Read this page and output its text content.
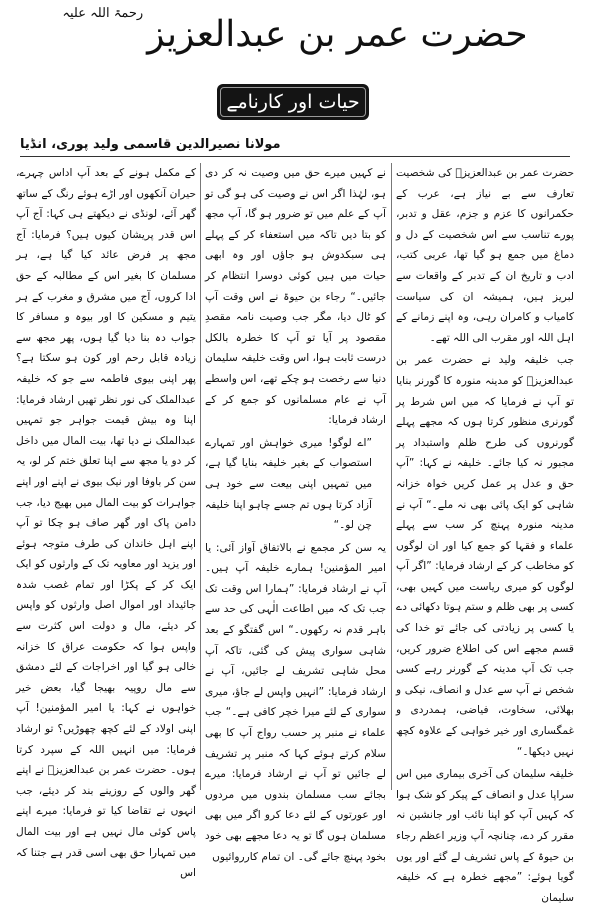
حضرت عمر بن عبدالعزیز$^{رحمۃ اللہ علیہ}$
حیات اور کارنامے
مولانا نصیرالدین قاسمی ولید پوری، انڈیا

حضرت عمر بن عبدالعزیزؒ کی شخصیت تعارف سے بے نیاز ہے، عرب کے حکمرانوں کا عزم و جزم، عقل و تدبر، پورے تناسب سے اس شخصیت کے دل و دماغ میں جمع ہو گیا تھا، عربی کتب، ادب و تاریخ ان کے تدبر کے واقعات سے لبریز ہیں، ہمیشہ ان کی سیاست کامیاب و کامران رہی، وہ اپنے زمانے کے اہل اللہ اور مقرب الی اللہ تھے۔

جب خلیفہ ولید نے حضرت عمر بن عبدالعزیزؒ کو مدینہ منورہ کا گورنر بنایا تو آپ نے فرمایا کہ میں اس شرط پر گورنری منظور کرتا ہوں کہ مجھے پہلے گورنروں کی طرح ظلم واستبداد پر مجبور نہ کیا جائے۔ خلیفہ نے کہا: ”آپ حق و عدل پر عمل کریں خواہ خزانہ شاہی کو ایک پائی بھی نہ ملے۔“ آپ نے مدینہ منورہ پہنچ کر سب سے پہلے علماء و فقہا کو جمع کیا اور ان لوگوں کو مخاطب کر کے ارشاد فرمایا: ”اگر آپ لوگوں کو میری ریاست میں کہیں بھی، کسی پر بھی ظلم و ستم ہوتا دکھائی دے یا کسی پر زیادتی کی جائے تو خدا کی قسم مجھے اس کی اطلاع ضرور کریں، جب تک آپ مدینہ کے گورنر رہے کسی شخص نے آپ سے عدل و انصاف، نیکی و بھلائی، سخاوت، فیاضی، ہمدردی و غمگساری اور خیر خواہی کے علاوہ کچھ نہیں دیکھا۔“

خلیفہ سلیمان کی آخری بیماری میں اس سراپا عدل و انصاف کے پیکر کو شک ہوا کہ کہیں آپ کو اپنا نائب اور جانشین نہ مقرر کر دے، چنانچہ آپ وزیر اعظم رجاء بن حیوۃ کے پاس تشریف لے گئے اور یوں گویا ہوئے: ”مجھے خطرہ ہے کہ خلیفہ سلیمان

نے کہیں میرے حق میں وصیت نہ کر دی ہو، لہٰذا اگر اس نے وصیت کی ہو گی تو آپ کے علم میں تو ضرور ہو گا، آپ مجھ کو بتا دیں تاکہ میں استعفاء کر کے پہلے ہی سبکدوش ہو جاؤں اور وہ ابھی حیات میں ہیں کوئی دوسرا انتظام کر جائیں۔“ رجاء بن حیوۃ نے اس وقت آپ کو ٹال دیا، مگر جب وصیت نامہ مقصدِ مقصود پر آیا تو آپ کا خطرہ بالکل درست ثابت ہوا، اس وقت خلیفہ سلیمان دنیا سے رخصت ہو چکے تھے، اس واسطے آپ نے عام مسلمانوں کو جمع کر کے ارشاد فرمایا:

”اے لوگو! میری خواہش اور تمہارے استصواب کے بغیر خلیفہ بنایا گیا ہے، میں تمہیں اپنی بیعت سے خود ہی آزاد کرتا ہوں تم جسے چاہو اپنا خلیفہ چن لو۔“

یہ سن کر مجمع نے بالاتفاق آواز آئی: یا امیر المؤمنین! ہمارے خلیفہ آپ ہیں۔ آپ نے ارشاد فرمایا: ”ہمارا اس وقت تک جب تک کہ میں اطاعت الٰہی کی حد سے باہر قدم نہ رکھوں۔“ اس گفتگو کے بعد شاہی سواری پیش کی گئی، تاکہ آپ محل شاہی تشریف لے جائیں، آپ نے ارشاد فرمایا: ”انہیں واپس لے جاؤ، میری سواری کے لئے میرا خچر کافی ہے۔“ جب علماء نے منبر پر حسب رواج آپ کا بھی سلام کرتے ہوئے کہا کہ منبر پر تشریف لے جائیں تو آپ نے ارشاد فرمایا: میرے بجائے سب مسلمان بندوں میں مردوں اور عورتوں کے لئے دعا کرو اگر میں بھی مسلمان ہوں گا تو یہ دعا مجھے بھی خود بخود پہنچ جائے گی۔ ان تمام کارروائیوں

کے مکمل ہونے کے بعد آپ اداس چہرے، حیران آنکھوں اور اڑے ہوئے رنگ کے ساتھ گھر آئے، لونڈی نے دیکھتے ہی کہا: آج آپ اس قدر پریشان کیوں ہیں؟ فرمایا: آج مجھ پر فرض عائد کیا گیا ہے، ہر مسلمان کا بغیر اس کے مطالبہ کے حق ادا کروں، آج میں مشرق و مغرب کے ہر یتیم و مسکین کا اور بیوہ و مسافر کا جواب دہ بنا دیا گیا ہوں، پھر مجھ سے زیادہ قابل رحم اور کون ہو سکتا ہے؟ پھر اپنی بیوی فاطمہ سے جو کہ خلیفہ عبدالملک کی نور نظر تھیں ارشاد فرمایا: اپنا وہ بیش قیمت جواہر جو تمہیں عبدالملک نے دیا تھا، بیت المال میں داخل کر دو یا مجھ سے اپنا تعلق ختم کر لو، یہ سن کر باوفا اور نیک بیوی نے اپنے اور اپنے جواہرات کو بیت المال میں بھیج دیا، جب دامن پاک اور گھر صاف ہو چکا تو آپ اپنے اہل خاندان کی طرف متوجہ ہوئے اور یزید اور معاویہ تک کے وارثوں کو ایک ایک کر کے پکڑا اور تمام غصب شدہ جائیداد اور اموال اصل وارثوں کو واپس کر دیئے، مال و دولت اس کثرت سے واپس ہوا کہ حکومت عراق کا خزانہ خالی ہو گیا اور اخراجات کے لئے دمشق سے مال روپیہ بھیجا گیا، بعض خیر خواہوں نے کہا: یا امیر المؤمنین! آپ اپنی اولاد کے لئے کچھ چھوڑیں؟ تو ارشاد فرمایا: میں انہیں اللہ کے سپرد کرتا ہوں۔ حضرت عمر بن عبدالعزیزؒ نے اپنے گھر والوں کے روزینے بند کر دیئے، جب انہوں نے تقاضا کیا تو فرمایا: میرے اپنے پاس کوئی مال نہیں ہے اور بیت المال میں تمہارا حق بھی اسی قدر ہے جتنا کہ اس
